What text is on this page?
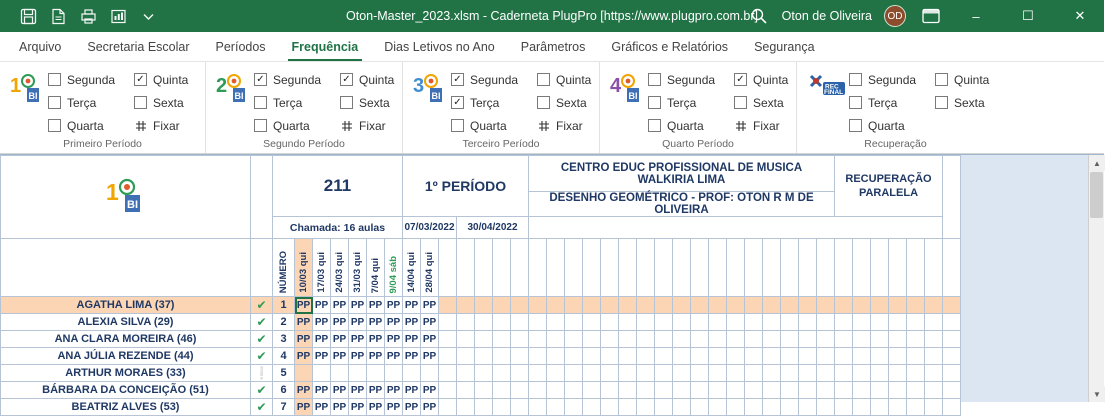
Oton-Master_2023.xlsm - Caderneta PlugPro [https://www.plugpro.com.br]	Oton de Oliveira	OD	–	☐	✕
Arquivo	Secretaria Escolar	Períodos	Frequência	Dias Letivos no Ano	Parâmetros	Gráficos e Relatórios	Segurança
1 BI
Segunda ✓ Quinta
Terça	Sexta
Quarta	Fixar
Primeiro Período
2 BI
✓ Segunda ✓ Quinta
Terça	Sexta
Quarta	Fixar
Segundo Período
3 BI
✓ Segunda	Quinta
✓ Terça	Sexta
Quarta	Fixar
Terceiro Período
4 BI
Segunda ✓ Quinta
Terça	Sexta
Quarta	Fixar
Quarto Período
REC
FINAL
Segunda	Quinta
Terça	Sexta
Quarta
Recuperação
1 BI
		211	1º PERÍODO	CENTRO EDUC PROFISSIONAL DE MUSICA WALKIRIA LIMA	RECUPERAÇÃO
PARALELA

																DESENHO GEOMÉTRICO - PROF: OTON R M DE OLIVEIRA																							
		Chamada: 16 aulas							07/03/2022			30/04/2022																											
		NÚMERO	10/03 qui	17/03 qui	24/03 qui	31/03 qui	7/04 qui	9/04 sáb	14/04 qui	28/04 qui																													
AGATHA LIMA (37)	✔	1	PP	PP	PP	PP	PP	PP	PP	PP																													
ALEXIA SILVA (29)	✔	2	PP	PP	PP	PP	PP	PP	PP	PP																													
ANA CLARA MOREIRA (46)	✔	3	PP	PP	PP	PP	PP	PP	PP	PP																													
ANA JÚLIA REZENDE (44)	✔	4	PP	PP	PP	PP	PP	PP	PP	PP																													
ARTHUR MORAES (33)	❕	5																																					
BÁRBARA DA CONCEIÇÃO (51)	✔	6	PP	PP	PP	PP	PP	PP	PP	PP																													
BEATRIZ ALVES (53)	✔	7	PP	PP	PP	PP	PP	PP	PP	PP																													
▲
▼
